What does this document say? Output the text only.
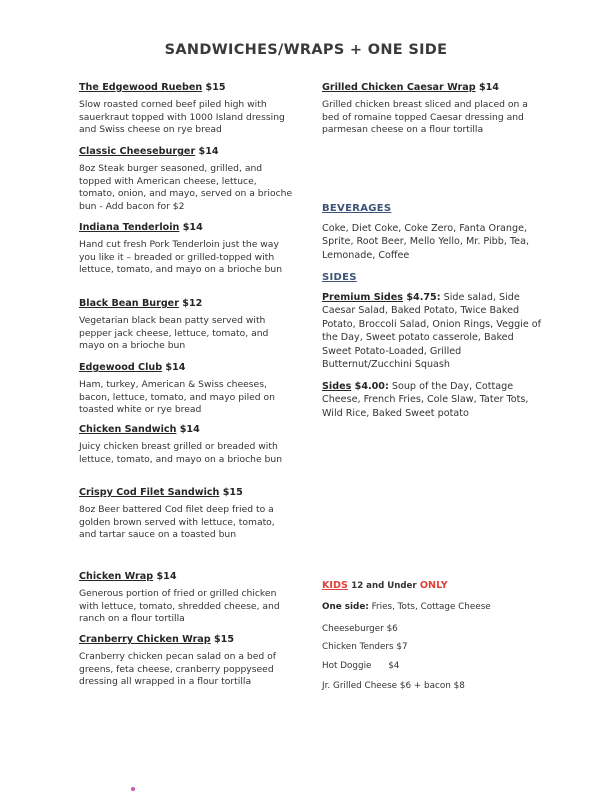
SANDWICHES/WRAPS + ONE SIDE
The Edgewood Rueben $15
Slow roasted corned beef piled high with sauerkraut topped with 1000 Island dressing and Swiss cheese on rye bread
Classic Cheeseburger $14
8oz Steak burger seasoned, grilled, and topped with American cheese, lettuce, tomato, onion, and mayo, served on a brioche bun - Add bacon for $2
Indiana Tenderloin $14
Hand cut fresh Pork Tenderloin just the way you like it – breaded or grilled-topped with lettuce, tomato, and mayo on a brioche bun
Black Bean Burger $12
Vegetarian black bean patty served with pepper jack cheese, lettuce, tomato, and mayo on a brioche bun
Edgewood Club $14
Ham, turkey, American & Swiss cheeses, bacon, lettuce, tomato, and mayo piled on toasted white or rye bread
Chicken Sandwich $14
Juicy chicken breast grilled or breaded with lettuce, tomato, and mayo on a brioche bun
Crispy Cod Filet Sandwich $15
8oz Beer battered Cod filet deep fried to a golden brown served with lettuce, tomato, and tartar sauce on a toasted bun
Chicken Wrap $14
Generous portion of fried or grilled chicken with lettuce, tomato, shredded cheese, and ranch on a flour tortilla
Cranberry Chicken Wrap $15
Cranberry chicken pecan salad on a bed of greens, feta cheese, cranberry poppyseed dressing all wrapped in a flour tortilla
Grilled Chicken Caesar Wrap $14
Grilled chicken breast sliced and placed on a bed of romaine topped Caesar dressing and parmesan cheese on a flour tortilla
BEVERAGES
Coke, Diet Coke, Coke Zero, Fanta Orange, Sprite, Root Beer, Mello Yello, Mr. Pibb, Tea, Lemonade, Coffee
SIDES
Premium Sides $4.75: Side salad, Side Caesar Salad, Baked Potato, Twice Baked Potato, Broccoli Salad, Onion Rings, Veggie of the Day, Sweet potato casserole, Baked Sweet Potato-Loaded, Grilled Butternut/Zucchini Squash
Sides $4.00: Soup of the Day, Cottage Cheese, French Fries, Cole Slaw, Tater Tots, Wild Rice, Baked Sweet potato
KIDS 12 and Under ONLY
One side: Fries, Tots, Cottage Cheese
Cheeseburger $6
Chicken Tenders $7
Hot Doggie      $4
Jr. Grilled Cheese $6 + bacon $8
